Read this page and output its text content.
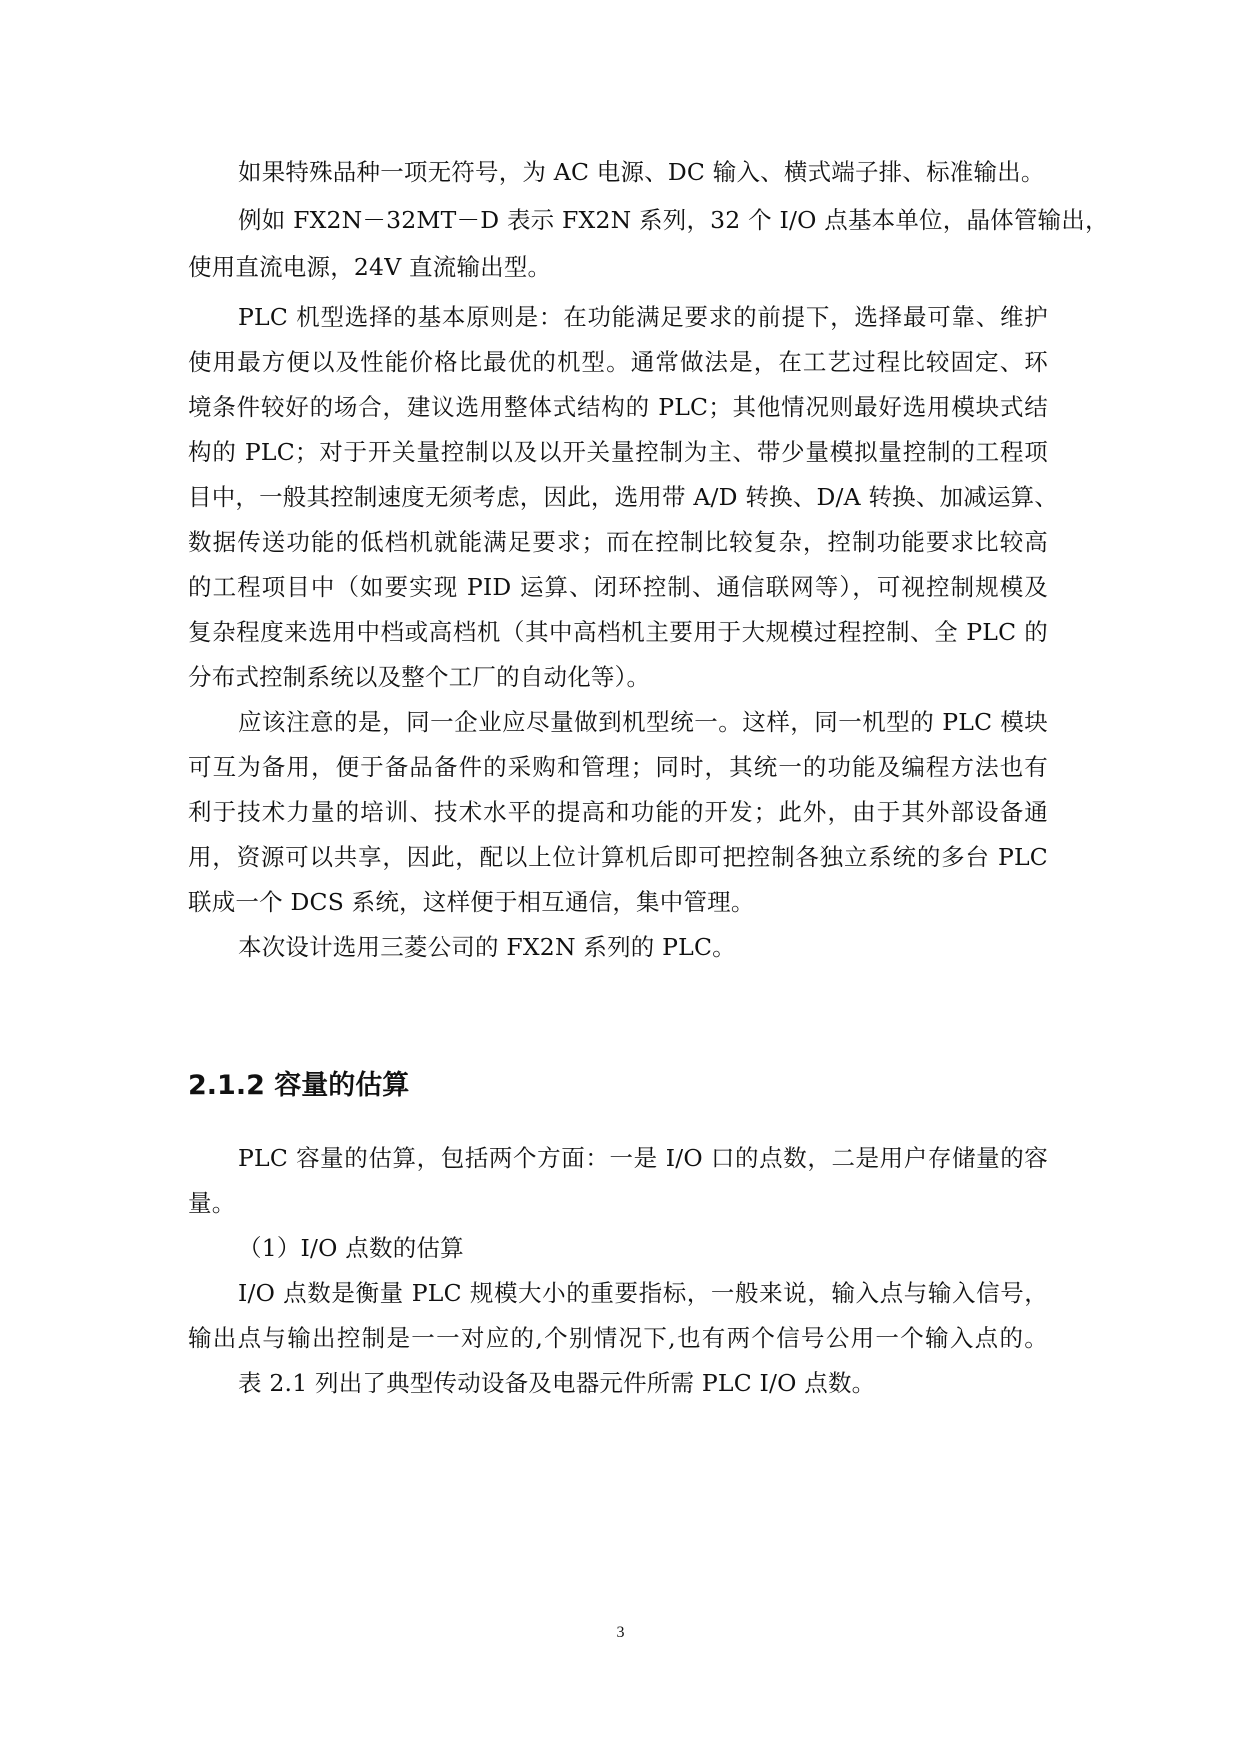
如果特殊品种一项无符号，为 AC 电源、DC 输入、横式端子排、标准输出。
例如 FX2N－32MT－D 表示 FX2N 系列，32 个 I/O 点基本单位，晶体管输出，
使用直流电源，24V 直流输出型。
PLC 机型选择的基本原则是：在功能满足要求的前提下，选择最可靠、维护
使用最方便以及性能价格比最优的机型。通常做法是，在工艺过程比较固定、环
境条件较好的场合，建议选用整体式结构的 PLC；其他情况则最好选用模块式结
构的 PLC；对于开关量控制以及以开关量控制为主、带少量模拟量控制的工程项
目中，一般其控制速度无须考虑，因此，选用带 A/D 转换、D/A 转换、加减运算、
数据传送功能的低档机就能满足要求；而在控制比较复杂，控制功能要求比较高
的工程项目中（如要实现 PID 运算、闭环控制、通信联网等），可视控制规模及
复杂程度来选用中档或高档机（其中高档机主要用于大规模过程控制、全 PLC 的
分布式控制系统以及整个工厂的自动化等）。
应该注意的是，同一企业应尽量做到机型统一。这样，同一机型的 PLC 模块
可互为备用，便于备品备件的采购和管理；同时，其统一的功能及编程方法也有
利于技术力量的培训、技术水平的提高和功能的开发；此外，由于其外部设备通
用，资源可以共享，因此，配以上位计算机后即可把控制各独立系统的多台 PLC
联成一个 DCS 系统，这样便于相互通信，集中管理。
本次设计选用三菱公司的 FX2N 系列的 PLC。
2.1.2 容量的估算
PLC 容量的估算，包括两个方面：一是 I/O 口的点数，二是用户存储量的容
量。
（1）I/O 点数的估算
I/O 点数是衡量 PLC 规模大小的重要指标，一般来说，输入点与输入信号，
输出点与输出控制是一一对应的,个别情况下,也有两个信号公用一个输入点的。
表 2.1 列出了典型传动设备及电器元件所需 PLC I/O 点数。
3
